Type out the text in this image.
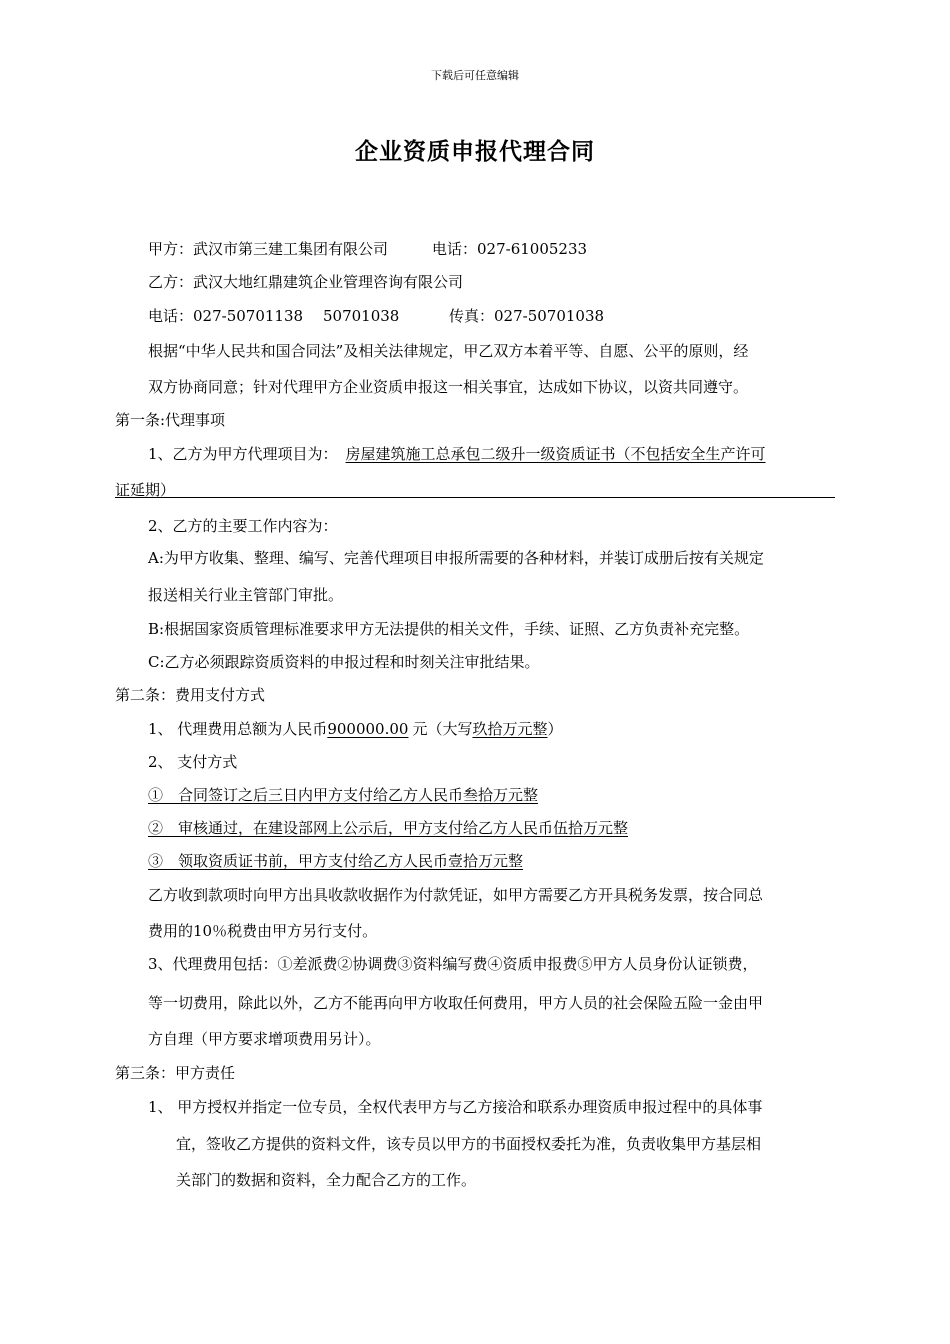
下载后可任意编辑
企业资质申报代理合同
甲方：武汉市第三建工集团有限公司	电话：027-61005233
乙方：武汉大地红鼎建筑企业管理咨询有限公司
电话：027-50701138 50701038	传真：027-50701038
根据“中华人民共和国合同法”及相关法律规定，甲乙双方本着平等、自愿、公平的原则，经
双方协商同意；针对代理甲方企业资质申报这一相关事宜，达成如下协议，以资共同遵守。
第一条:代理事项
1、乙方为甲方代理项目为： 房屋建筑施工总承包二级升一级资质证书（不包括安全生产许可
证延期）
2、乙方的主要工作内容为：
A:为甲方收集、整理、编写、完善代理项目申报所需要的各种材料，并装订成册后按有关规定
报送相关行业主管部门审批。
B:根据国家资质管理标准要求甲方无法提供的相关文件，手续、证照、乙方负责补充完整。
C:乙方必须跟踪资质资料的申报过程和时刻关注审批结果。
第二条：费用支付方式
1、 代理费用总额为人民币900000.00 元（大写玖拾万元整）
2、 支付方式
①　合同签订之后三日内甲方支付给乙方人民币叁拾万元整
②　审核通过，在建设部网上公示后，甲方支付给乙方人民币伍拾万元整
③　领取资质证书前，甲方支付给乙方人民币壹拾万元整
乙方收到款项时向甲方出具收款收据作为付款凭证，如甲方需要乙方开具税务发票，按合同总
费用的10％税费由甲方另行支付。
3、代理费用包括：①差派费②协调费③资料编写费④资质申报费⑤甲方人员身份认证锁费，
等一切费用，除此以外，乙方不能再向甲方收取任何费用，甲方人员的社会保险五险一金由甲
方自理（甲方要求增项费用另计）。
第三条：甲方责任
1、 甲方授权并指定一位专员，全权代表甲方与乙方接洽和联系办理资质申报过程中的具体事
宜，签收乙方提供的资料文件，该专员以甲方的书面授权委托为准，负责收集甲方基层相
关部门的数据和资料，全力配合乙方的工作。
